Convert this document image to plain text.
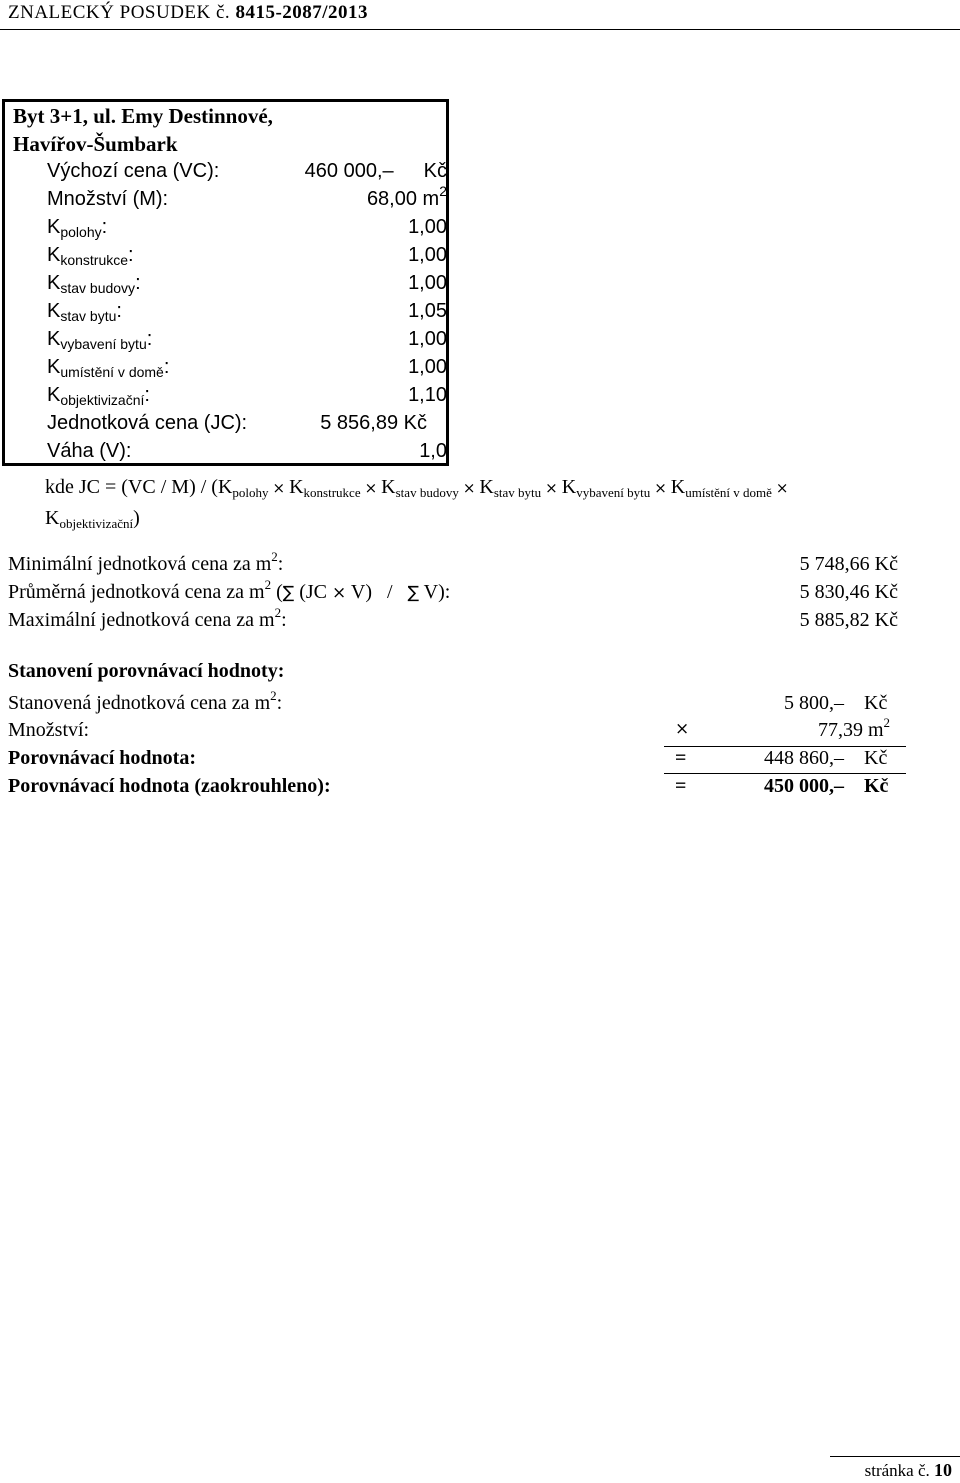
ZNALECKÝ POSUDEK č. 8415-2087/2013
Byt 3+1, ul. Emy Destinnové,
Havířov-Šumbark
Výchozí cena (VC):	460 000,– Kč
Množství (M):	68,00 $m^2$
$K_{polohy}$:	1,00
$K_{konstrukce}$:	1,00
$K_{stav budovy}$:	1,00
$K_{stav bytu}$:	1,05
$K_{vybavení bytu}$:	1,00
$K_{umístění v domě}$:	1,00
$K_{objektivizační}$:	1,10
Jednotková cena (JC):	5 856,89 Kč
Váha (V):	1,0
kde JC = $(VC / M) / (K_{polohy} \times K_{konstrukce} \times K_{stav budovy} \times K_{stav bytu} \times K_{vybavení bytu} \times K_{umístění v domě}$ ×
$K_{objektivizační}$)
Minimální jednotková cena za $m^2$:	5 748,66 Kč
Průměrná jednotková cena za $m^2$ (∑ (JC × V) / ∑ V):	5 830,46 Kč
Maximální jednotková cena za $m^2$:	5 885,82 Kč
Stanovení porovnávací hodnoty:
Stanovená jednotková cena za $m^2$:	5 800,– Kč
Množství:	×	77,39 $m^2$
Porovnávací hodnota:	=	448 860,– Kč
Porovnávací hodnota (zaokrouhleno):	=	450 000,– Kč
stránka č. 10
